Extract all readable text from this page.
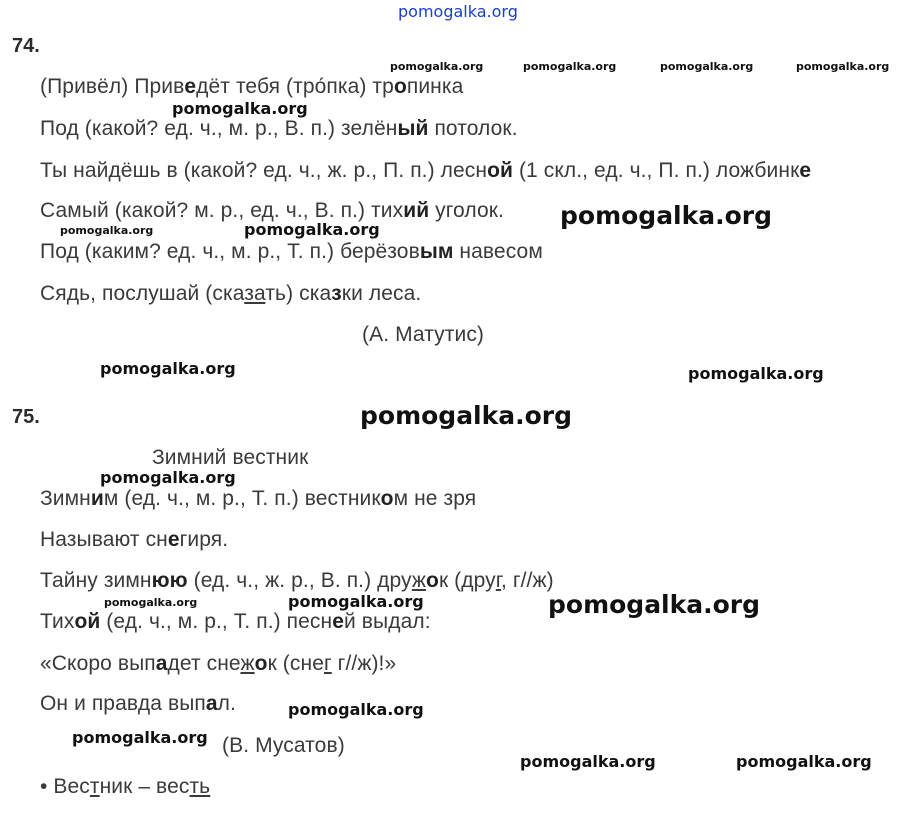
74.
(Привёл) Приведёт тебя (тро́пка) тропинка
Под (какой? ед. ч., м. р., В. п.) зелёный потолок.
Ты найдёшь в (какой? ед. ч., ж. р., П. п.) лесной (1 скл., ед. ч., П. п.) ложбинке
Самый (какой? м. р., ед. ч., В. п.) тихий уголок.
Под (каким? ед. ч., м. р., Т. п.) берёзовым навесом
Сядь, послушай (сказать) сказки леса.
(А. Матутис)
75.
Зимний вестник
Зимним (ед. ч., м. р., Т. п.) вестником не зря
Называют снегиря.
Тайну зимнюю (ед. ч., ж. р., В. п.) дружок (друг, г//ж)
Тихой (ед. ч., м. р., Т. п.) песней выдал:
«Скоро выпадет снежок (снег г//ж)!»
Он и правда выпал.
(В. Мусатов)
• Вестник – весть
pomogalka.org
pomogalka.org	pomogalka.org	pomogalka.org	pomogalka.org
pomogalka.org
pomogalka.org
pomogalka.org	pomogalka.org
pomogalka.org	pomogalka.org
pomogalka.org
pomogalka.org
pomogalka.org	pomogalka.org	pomogalka.org
pomogalka.org
pomogalka.org
pomogalka.org	pomogalka.org
